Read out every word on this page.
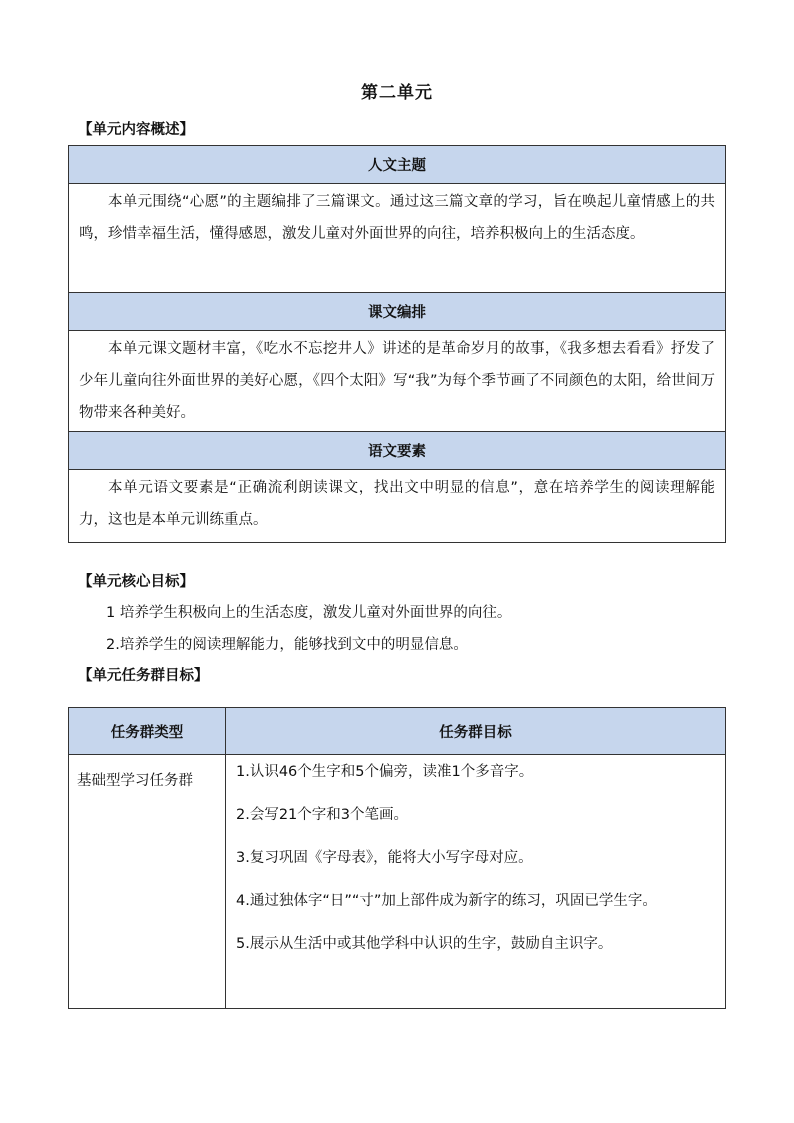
第二单元
【单元内容概述】
人文主题
本单元围绕“心愿”的主题编排了三篇课文。通过这三篇文章的学习，旨在唤起儿童情感上的共鸣，珍惜幸福生活，懂得感恩，激发儿童对外面世界的向往，培养积极向上的生活态度。
课文编排
本单元课文题材丰富，《吃水不忘挖井人》讲述的是革命岁月的故事，《我多想去看看》抒发了少年儿童向往外面世界的美好心愿，《四个太阳》写“我”为每个季节画了不同颜色的太阳，给世间万物带来各种美好。
语文要素
本单元语文要素是“正确流利朗读课文，找出文中明显的信息”，意在培养学生的阅读理解能力，这也是本单元训练重点。
【单元核心目标】
1 培养学生积极向上的生活态度，激发儿童对外面世界的向往。
2.培养学生的阅读理解能力，能够找到文中的明显信息。
【单元任务群目标】
任务群类型	任务群目标
基础型学习任务群	1.认识46个生字和5个偏旁，读准1个多音字。

2.会写21个字和3个笔画。

3.复习巩固《字母表》，能将大小写字母对应。

4.通过独体字“日”“寸”加上部件成为新字的练习，巩固已学生字。

5.展示从生活中或其他学科中认识的生字，鼓励自主识字。
